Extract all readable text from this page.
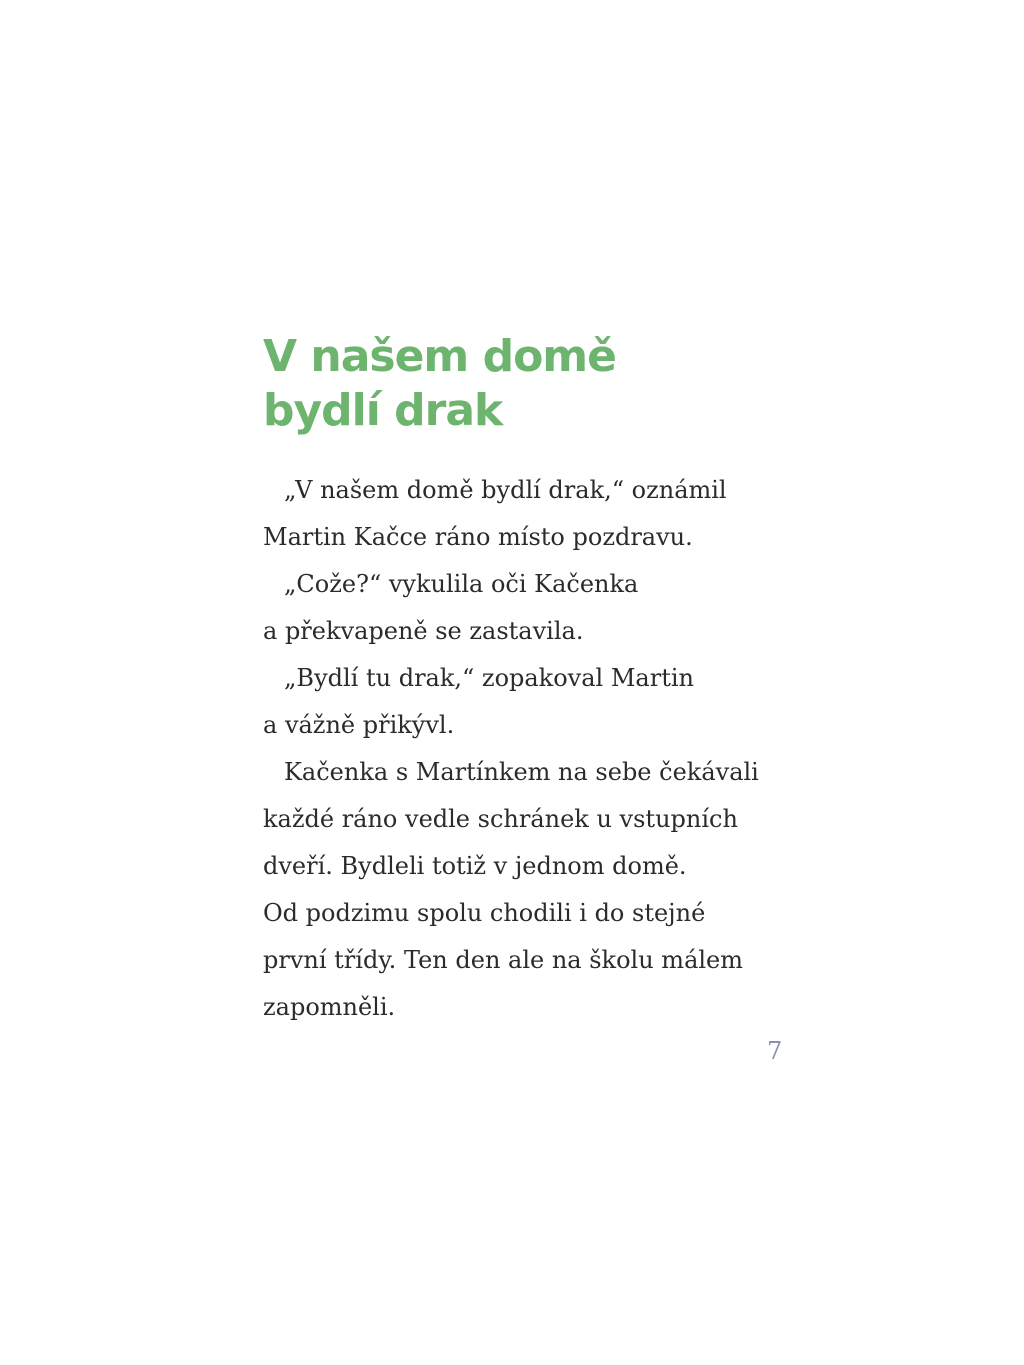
V našem domě
bydlí drak
„V našem domě bydlí drak,“ oznámil
Martin Kačce ráno místo pozdravu.
„Cože?“ vykulila oči Kačenka
a překvapeně se zastavila.
„Bydlí tu drak,“ zopakoval Martin
a vážně přikývl.
Kačenka s Martínkem na sebe čekávali
každé ráno vedle schránek u vstupních
dveří. Bydleli totiž v jednom domě.
Od podzimu spolu chodili i do stejné
první třídy. Ten den ale na školu málem
zapomněli.
7
